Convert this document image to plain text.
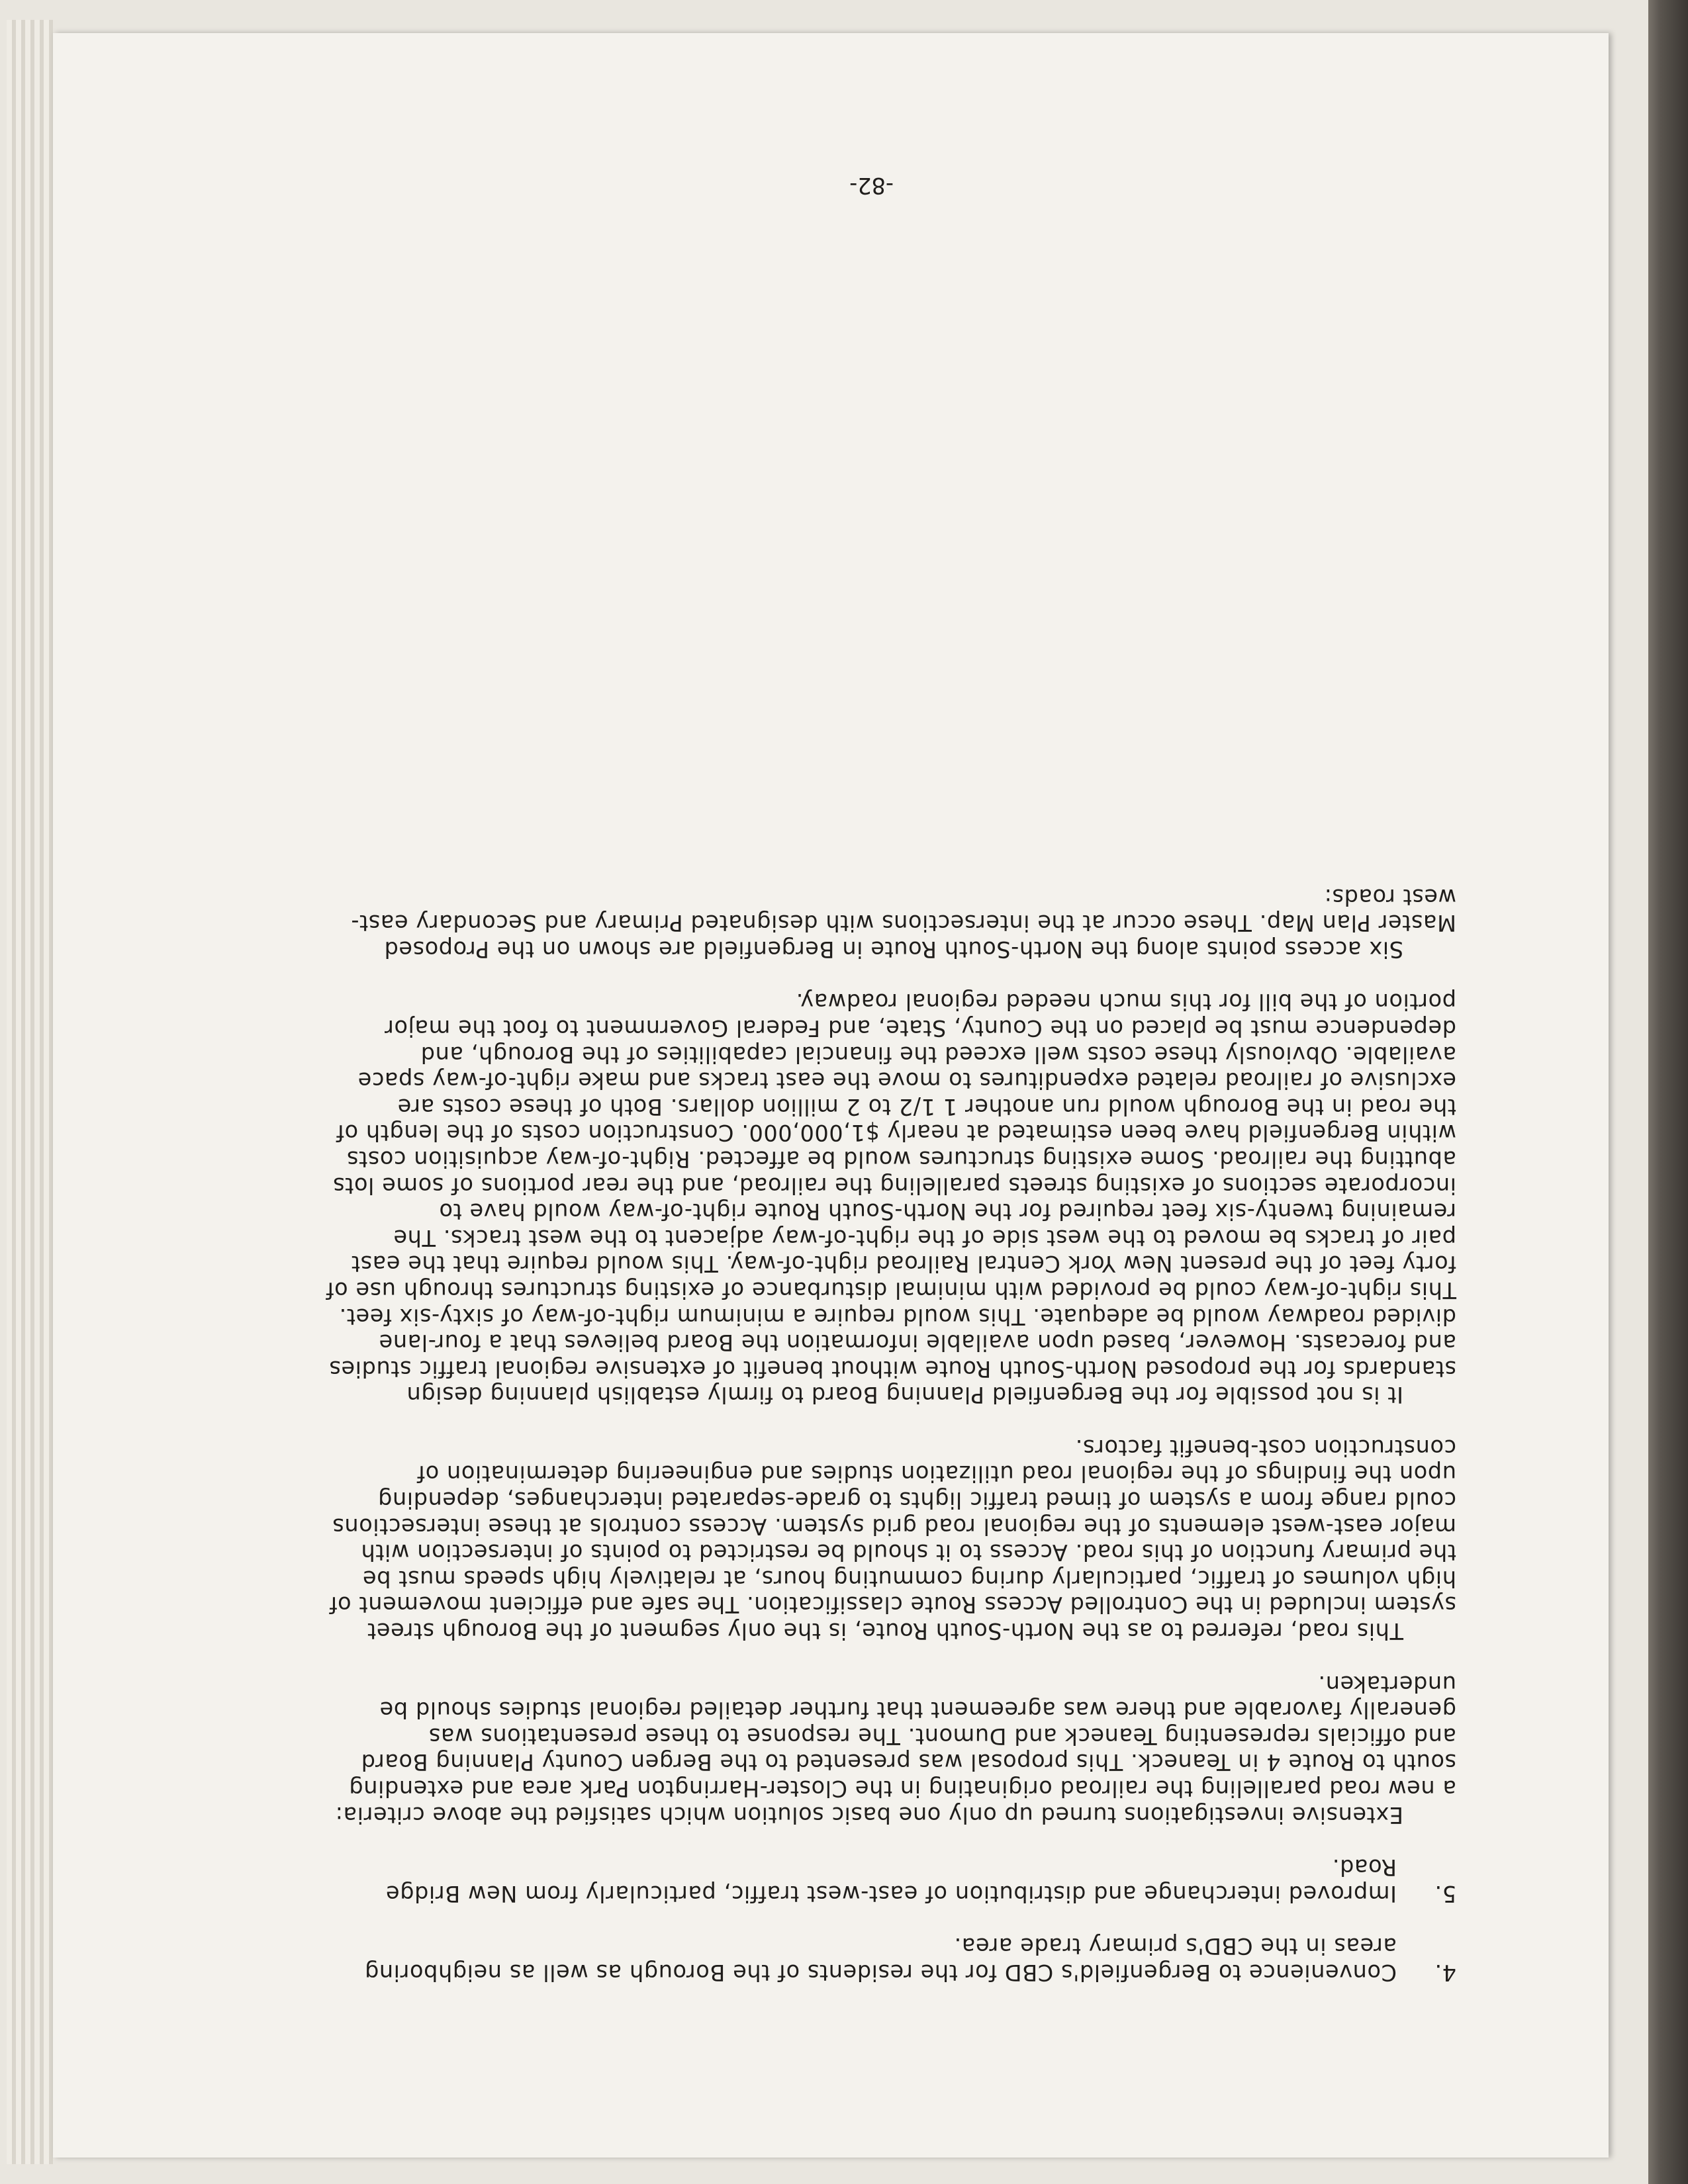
4.
Convenience to Bergenfield's CBD for the residents of the Borough as well as neighboring areas in the CBD's primary trade area.
5.
Improved interchange and distribution of east-west traffic, particularly from New Bridge Road.

Extensive investigations turned up only one basic solution which satisfied the above criteria: a new road paralleling the railroad originating in the Closter-Harrington Park area and extending south to Route 4 in Teaneck. This proposal was presented to the Bergen County Planning Board and officials representing Teaneck and Dumont. The response to these presentations was generally favorable and there was agreement that further detailed regional studies should be undertaken.

This road, referred to as the North-South Route, is the only segment of the Borough street system included in the Controlled Access Route classification. The safe and efficient movement of high volumes of traffic, particularly during commuting hours, at relatively high speeds must be the primary function of this road. Access to it should be restricted to points of intersection with major east-west elements of the regional road grid system. Access controls at these intersections could range from a system of timed traffic lights to grade-separated interchanges, depending upon the findings of the regional road utilization studies and engineering determination of construction cost-benefit factors.

It is not possible for the Bergenfield Planning Board to firmly establish planning design standards for the proposed North-South Route without benefit of extensive regional traffic studies and forecasts. However, based upon available information the Board believes that a four-lane divided roadway would be adequate. This would require a minimum right-of-way of sixty-six feet. This right-of-way could be provided with minimal disturbance of existing structures through use of forty feet of the present New York Central Railroad right-of-way. This would require that the east pair of tracks be moved to the west side of the right-of-way adjacent to the west tracks. The remaining twenty-six feet required for the North-South Route right-of-way would have to incorporate sections of existing streets paralleling the railroad, and the rear portions of some lots abutting the railroad. Some existing structures would be affected. Right-of-way acquisition costs within Bergenfield have been estimated at nearly $1,000,000. Construction costs of the length of the road in the Borough would run another 1 1/2 to 2 million dollars. Both of these costs are exclusive of railroad related expenditures to move the east tracks and make right-of-way space available. Obviously these costs well exceed the financial capabilities of the Borough, and dependence must be placed on the County, State, and Federal Government to foot the major portion of the bill for this much needed regional roadway.

Six access points along the North-South Route in Bergenfield are shown on the Proposed Master Plan Map. These occur at the intersections with designated Primary and Secondary east-west roads:

-82-
